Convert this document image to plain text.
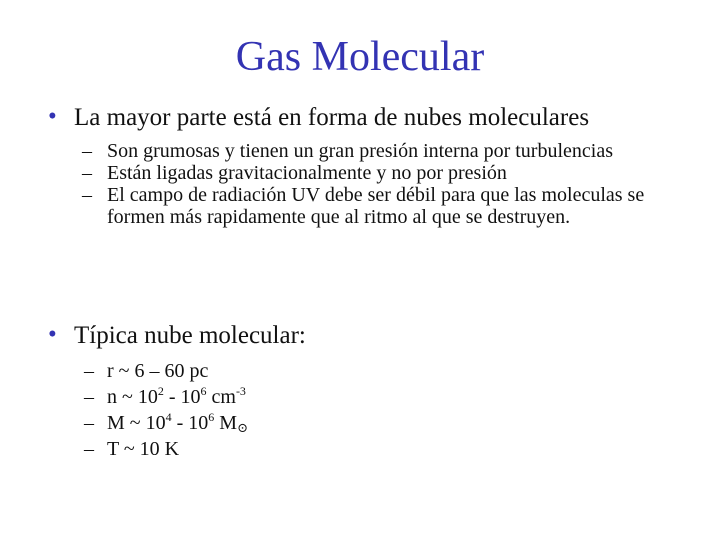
Gas Molecular
• La mayor parte está en forma de nubes moleculares
– Son grumosas y tienen un gran presión interna por turbulencias
– Están ligadas gravitacionalmente y no por presión
– El campo de radiación UV debe ser débil para que las moleculas se formen más rapidamente que al ritmo al que se destruyen.
• Típica nube molecular:
– r ~ 6 – 60 pc
– n ~ $10^2 - 10^6$ $cm^{-3}$
– M ~ $10^4 - 10^6$ $M_⊙$
– T ~ 10 K
